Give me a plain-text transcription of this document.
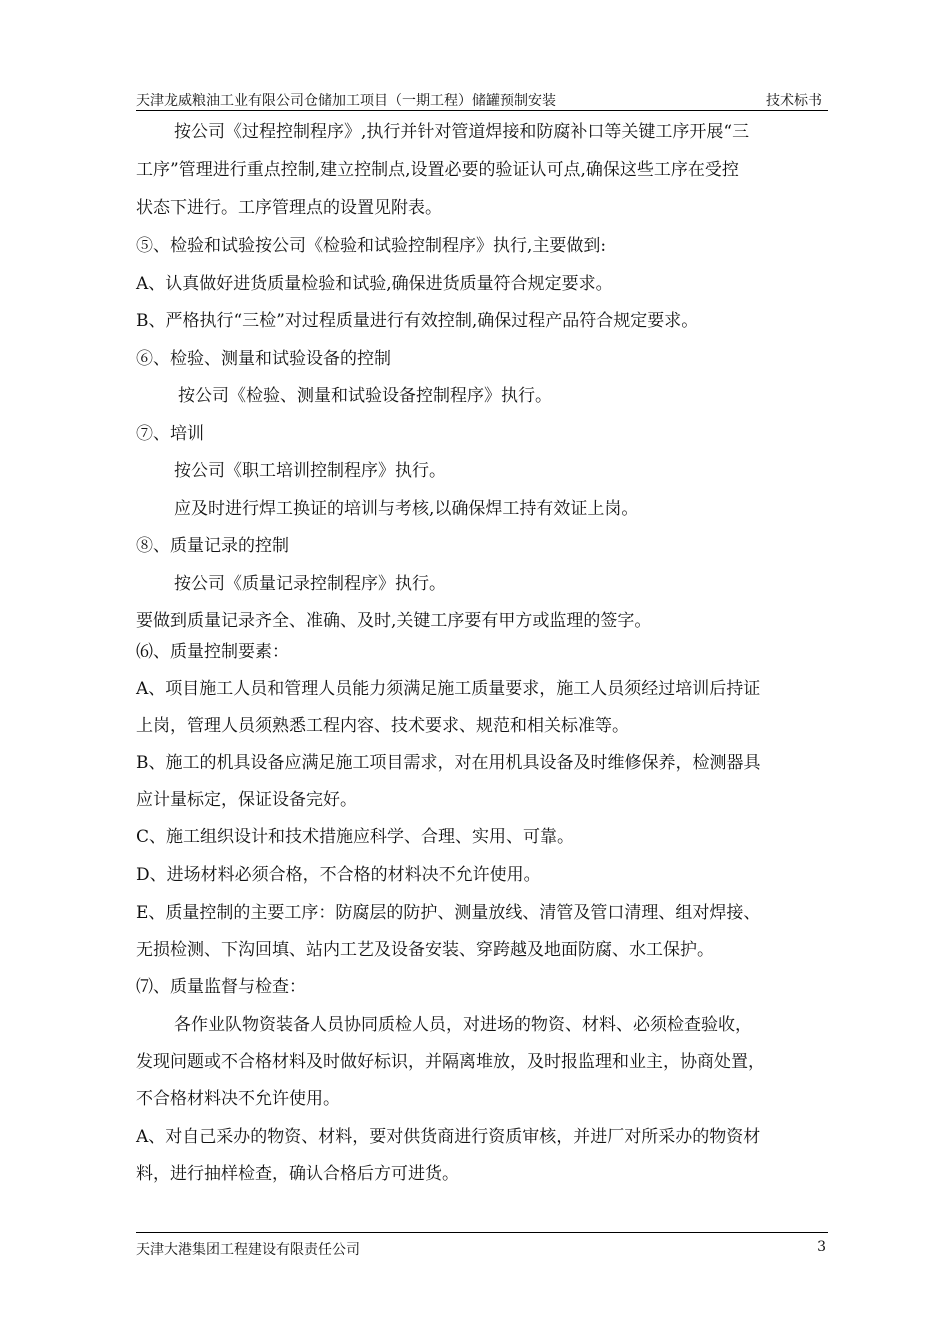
天津龙威粮油工业有限公司仓储加工项目（一期工程）储罐预制安装	技术标书
按公司《过程控制程序》,执行并针对管道焊接和防腐补口等关键工序开展“三
工序”管理进行重点控制,建立控制点,设置必要的验证认可点,确保这些工序在受控
状态下进行。工序管理点的设置见附表。
⑤、检验和试验按公司《检验和试验控制程序》执行,主要做到:
A、认真做好进货质量检验和试验,确保进货质量符合规定要求。
B、严格执行“三检”对过程质量进行有效控制,确保过程产品符合规定要求。
⑥、检验、测量和试验设备的控制
按公司《检验、测量和试验设备控制程序》执行。
⑦、培训
按公司《职工培训控制程序》执行。
应及时进行焊工换证的培训与考核,以确保焊工持有效证上岗。
⑧、质量记录的控制
按公司《质量记录控制程序》执行。
要做到质量记录齐全、准确、及时,关键工序要有甲方或监理的签字。
⑹、质量控制要素：
A、项目施工人员和管理人员能力须满足施工质量要求，施工人员须经过培训后持证
上岗，管理人员须熟悉工程内容、技术要求、规范和相关标准等。
B、施工的机具设备应满足施工项目需求，对在用机具设备及时维修保养，检测器具
应计量标定，保证设备完好。
C、施工组织设计和技术措施应科学、合理、实用、可靠。
D、进场材料必须合格，不合格的材料决不允许使用。
E、质量控制的主要工序：防腐层的防护、测量放线、清管及管口清理、组对焊接、
无损检测、下沟回填、站内工艺及设备安装、穿跨越及地面防腐、水工保护。
⑺、质量监督与检查：
各作业队物资装备人员协同质检人员，对进场的物资、材料、必须检查验收，
发现问题或不合格材料及时做好标识，并隔离堆放，及时报监理和业主，协商处置，
不合格材料决不允许使用。
A、对自己采办的物资、材料，要对供货商进行资质审核，并进厂对所采办的物资材
料，进行抽样检查，确认合格后方可进货。
天津大港集团工程建设有限责任公司	3
